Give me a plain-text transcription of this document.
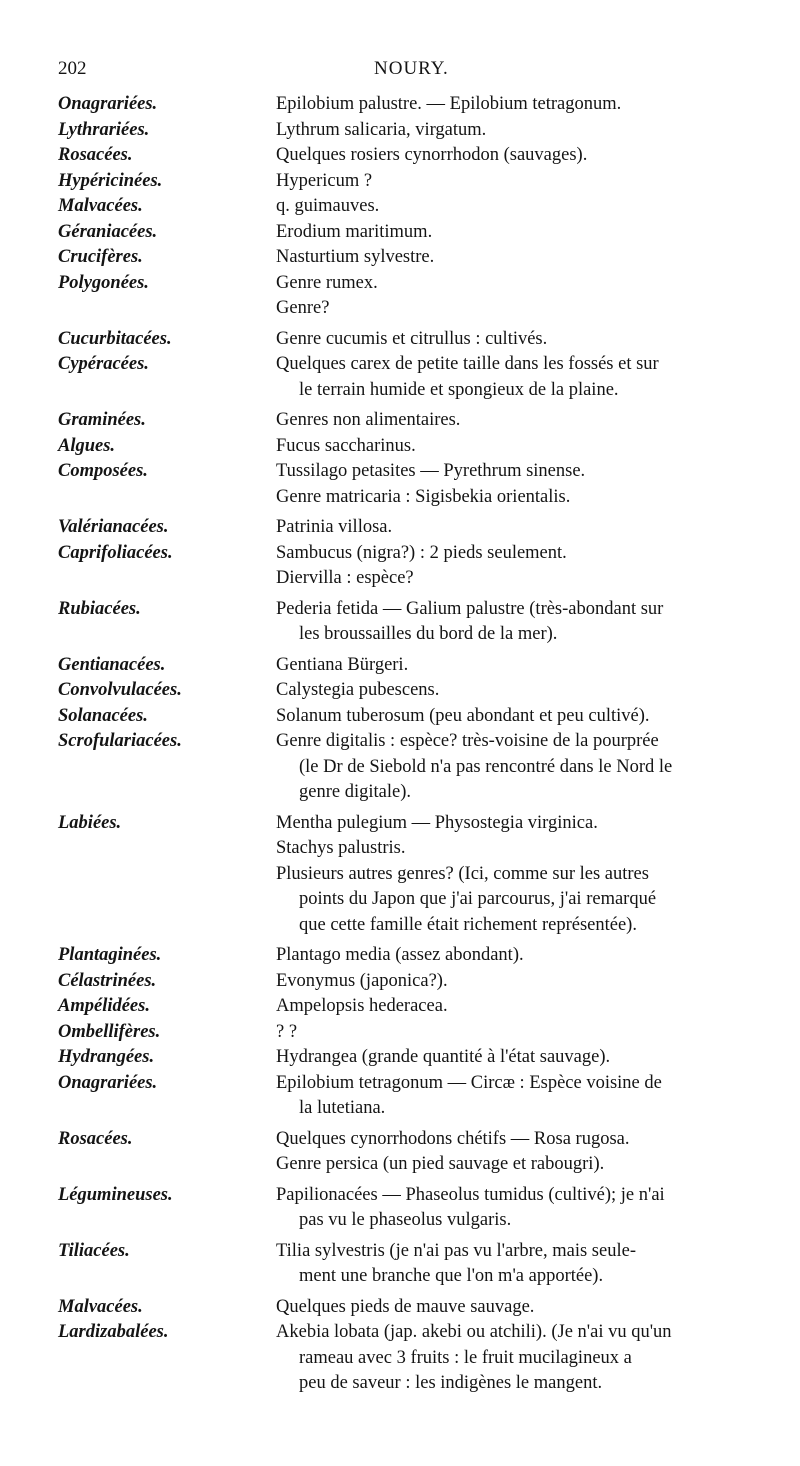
202	NOURY.
Onagrariées.	Epilobium palustre. — Epilobium tetragonum.
Lythrariées.	Lythrum salicaria, virgatum.
Rosacées.	Quelques rosiers cynorrhodon (sauvages).
Hypéricinées.	Hypericum ?
Malvacées.	q. guimauves.
Géraniacées.	Erodium maritimum.
Crucifères.	Nasturtium sylvestre.
Polygonées.	Genre rumex.
Genre?
Cucurbitacées.	Genre cucumis et citrullus : cultivés.
Cypéracées.	Quelques carex de petite taille dans les fossés et sur
le terrain humide et spongieux de la plaine.
Graminées.	Genres non alimentaires.
Algues.	Fucus saccharinus.
Composées.	Tussilago petasites — Pyrethrum sinense.
Genre matricaria : Sigisbekia orientalis.
Valérianacées.	Patrinia villosa.
Caprifoliacées.	Sambucus (nigra?) : 2 pieds seulement.
Diervilla : espèce?
Rubiacées.	Pederia fetida — Galium palustre (très-abondant sur
les broussailles du bord de la mer).
Gentianacées.	Gentiana Bürgeri.
Convolvulacées.	Calystegia pubescens.
Solanacées.	Solanum tuberosum (peu abondant et peu cultivé).
Scrofulariacées.	Genre digitalis : espèce? très-voisine de la pourprée
(le Dr de Siebold n'a pas rencontré dans le Nord le
genre digitale).
Labiées.	Mentha pulegium — Physostegia virginica.
Stachys palustris.
Plusieurs autres genres? (Ici, comme sur les autres
points du Japon que j'ai parcourus, j'ai remarqué
que cette famille était richement représentée).
Plantaginées.	Plantago media (assez abondant).
Célastrinées.	Evonymus (japonica?).
Ampélidées.	Ampelopsis hederacea.
Ombellifères.	? ?
Hydrangées.	Hydrangea (grande quantité à l'état sauvage).
Onagrariées.	Epilobium tetragonum — Circæ : Espèce voisine de
la lutetiana.
Rosacées.	Quelques cynorrhodons chétifs — Rosa rugosa.
Genre persica (un pied sauvage et rabougri).
Légumineuses.	Papilionacées — Phaseolus tumidus (cultivé); je n'ai
pas vu le phaseolus vulgaris.
Tiliacées.	Tilia sylvestris (je n'ai pas vu l'arbre, mais seule-
ment une branche que l'on m'a apportée).
Malvacées.	Quelques pieds de mauve sauvage.
Lardizabalées.	Akebia lobata (jap. akebi ou atchili). (Je n'ai vu qu'un
rameau avec 3 fruits : le fruit mucilagineux a
peu de saveur : les indigènes le mangent.
